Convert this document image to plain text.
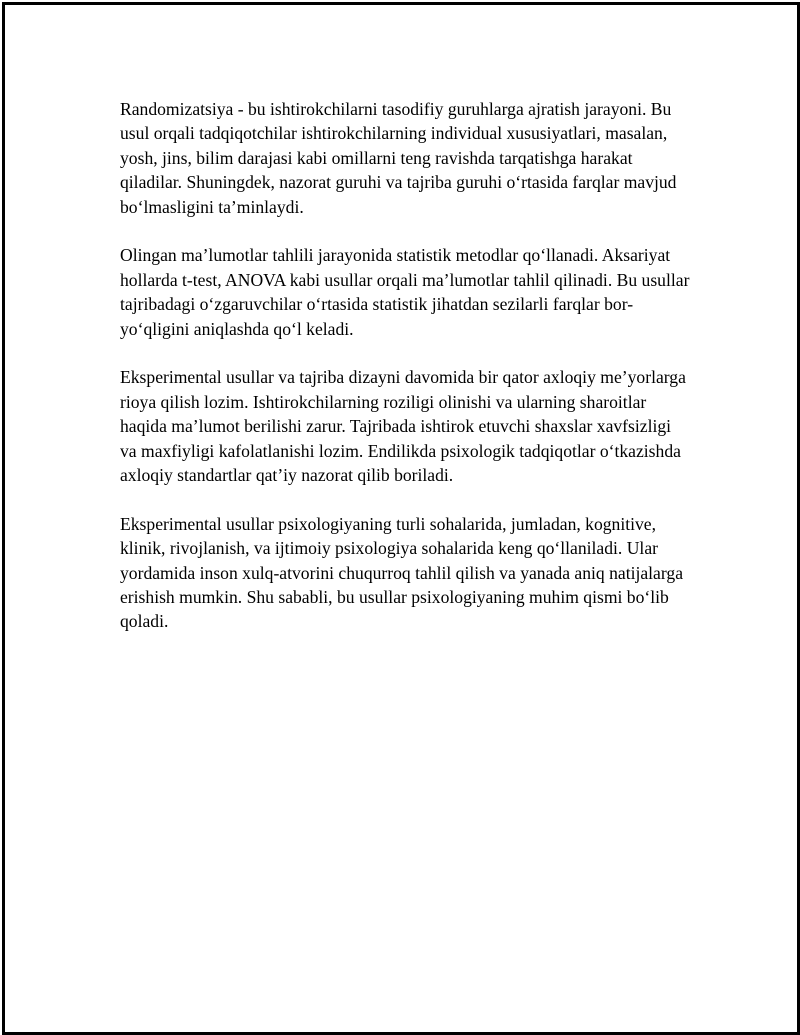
Randomizatsiya - bu ishtirokchilarni tasodifiy guruhlarga ajratish jarayoni. Bu usul orqali tadqiqotchilar ishtirokchilarning individual xususiyatlari, masalan, yosh, jins, bilim darajasi kabi omillarni teng ravishda tarqatishga harakat qiladilar. Shuningdek, nazorat guruhi va tajriba guruhi o‘rtasida farqlar mavjud bo‘lmasligini ta’minlaydi.

Olingan ma’lumotlar tahlili jarayonida statistik metodlar qo‘llanadi. Aksariyat hollarda t-test, ANOVA kabi usullar orqali ma’lumotlar tahlil qilinadi. Bu usullar tajribadagi o‘zgaruvchilar o‘rtasida statistik jihatdan sezilarli farqlar bor-yo‘qligini aniqlashda qo‘l keladi.

Eksperimental usullar va tajriba dizayni davomida bir qator axloqiy me’yorlarga rioya qilish lozim. Ishtirokchilarning roziligi olinishi va ularning sharoitlar haqida ma’lumot berilishi zarur. Tajribada ishtirok etuvchi shaxslar xavfsizligi va maxfiyligi kafolatlanishi lozim. Endilikda psixologik tadqiqotlar o‘tkazishda axloqiy standartlar qat’iy nazorat qilib boriladi.

Eksperimental usullar psixologiyaning turli sohalarida, jumladan, kognitive, klinik, rivojlanish, va ijtimoiy psixologiya sohalarida keng qo‘llaniladi. Ular yordamida inson xulq-atvorini chuqurroq tahlil qilish va yanada aniq natijalarga erishish mumkin. Shu sababli, bu usullar psixologiyaning muhim qismi bo‘lib qoladi.
